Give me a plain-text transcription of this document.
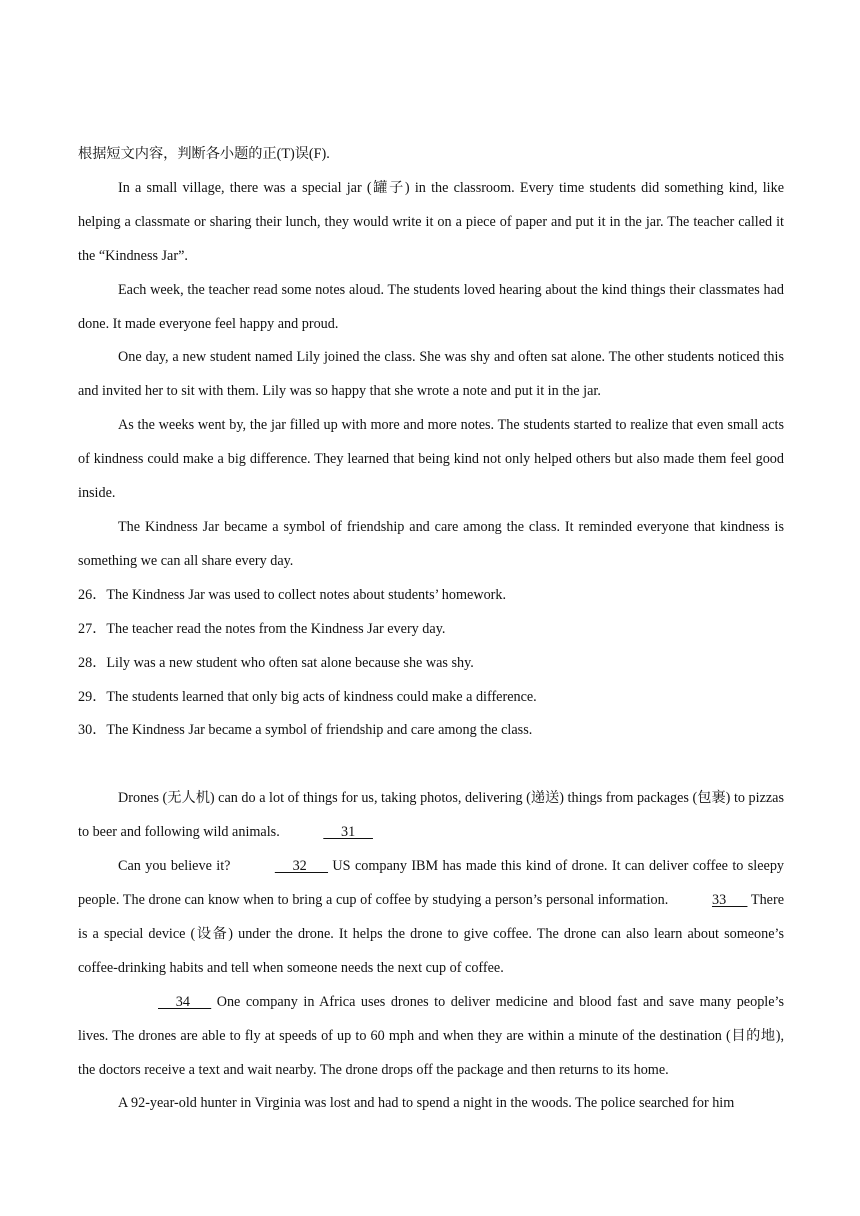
根据短文内容，判断各小题的正(T)误(F).

In a small village, there was a special jar (罐子) in the classroom. Every time students did something kind, like helping a classmate or sharing their lunch, they would write it on a piece of paper and put it in the jar. The teacher called it the “Kindness Jar”.

Each week, the teacher read some notes aloud. The students loved hearing about the kind things their classmates had done. It made everyone feel happy and proud.

One day, a new student named Lily joined the class. She was shy and often sat alone. The other students noticed this and invited her to sit with them. Lily was so happy that she wrote a note and put it in the jar.

As the weeks went by, the jar filled up with more and more notes. The students started to realize that even small acts of kindness could make a big difference. They learned that being kind not only helped others but also made them feel good inside.

The Kindness Jar became a symbol of friendship and care among the class. It reminded everyone that kindness is something we can all share every day.

26．The Kindness Jar was used to collect notes about students’ homework.

27．The teacher read the notes from the Kindness Jar every day.

28．Lily was a new student who often sat alone because she was shy.

29．The students learned that only big acts of kindness could make a difference.

30．The Kindness Jar became a symbol of friendship and care among the class.

Drones (无人机) can do a lot of things for us, taking photos, delivering (递送) things from packages (包裹) to pizzas to beer and following wild animals.	31

Can you believe it?	32       US company IBM has made this kind of drone. It can deliver coffee to sleepy people. The drone can know when to bring a cup of coffee by studying a person’s personal information.	33       There is a special device (设备) under the drone. It helps the drone to give coffee. The drone can also learn about someone’s coffee-drinking habits and tell when someone needs the next cup of coffee.

34       One company in Africa uses drones to deliver medicine and blood fast and save many people’s lives. The drones are able to fly at speeds of up to 60 mph and when they are within a minute of the destination (目的地), the doctors receive a text and wait nearby. The drone drops off the package and then returns to its home.

A 92-year-old hunter in Virginia was lost and had to spend a night in the woods. The police searched for him
